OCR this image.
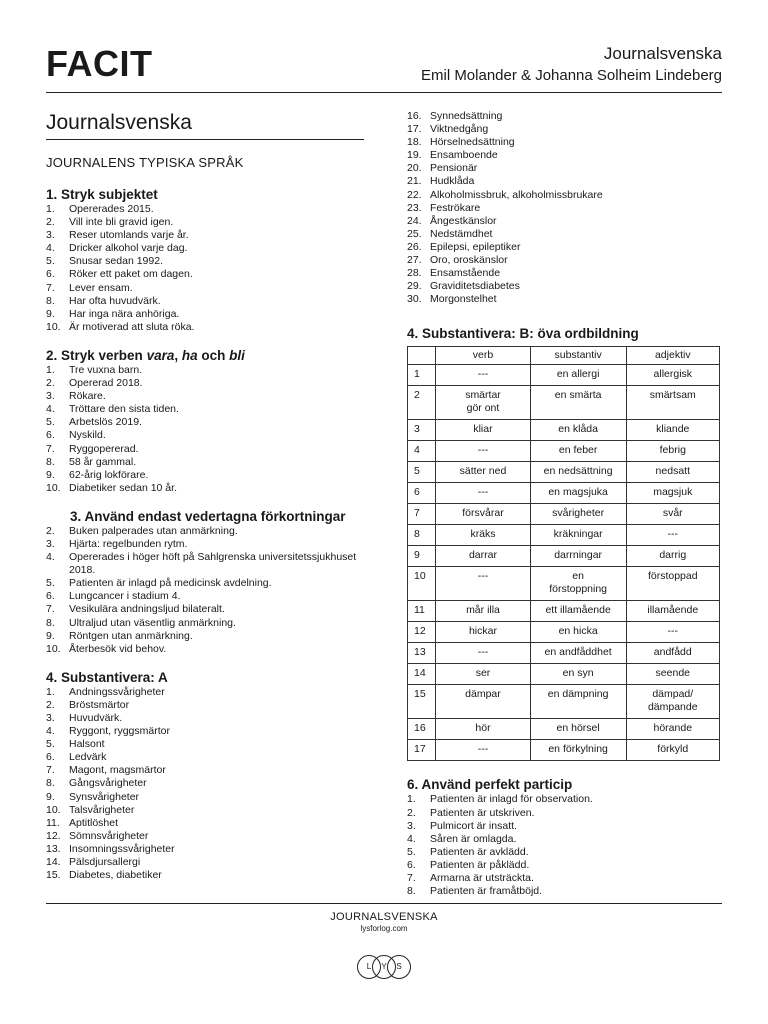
FACIT	Journalsvenska
Emil Molander & Johanna Solheim Lindeberg
Journalsvenska
JOURNALENS TYPISKA SPRÅK
1. Stryk subjektet
1.	Opererades 2015.
2.	Vill inte bli gravid igen.
3.	Reser utomlands varje år.
4.	Dricker alkohol varje dag.
5.	Snusar sedan 1992.
6.	Röker ett paket om dagen.
7.	Lever ensam.
8.	Har ofta huvudvärk.
9.	Har inga nära anhöriga.
10. Är motiverad att sluta röka.
2. Stryk verben vara, ha och bli
1.	Tre vuxna barn.
2.	Opererad 2018.
3.	Rökare.
4.	Tröttare den sista tiden.
5.	Arbetslös 2019.
6.	Nyskild.
7.	Ryggopererad.
8.	58 år gammal.
9.	62-årig lokförare.
10. Diabetiker sedan 10 år.
3. Använd endast vedertagna förkortningar
2.	Buken palperades utan anmärkning.
3.	Hjärta: regelbunden rytm.
4.	Opererades i höger höft på Sahlgrenska universitetssjukhuset 2018.
5.	Patienten är inlagd på medicinsk avdelning.
6.	Lungcancer i stadium 4.
7.	Vesikulära andningsljud bilateralt.
8.	Ultraljud utan väsentlig anmärkning.
9.	Röntgen utan anmärkning.
10. Återbesök vid behov.
4. Substantivera: A
1.	Andningssvårigheter
2.	Bröstsmärtor
3.	Huvudvärk.
4.	Ryggont, ryggsmärtor
5.	Halsont
6.	Ledvärk
7.	Magont, magsmärtor
8.	Gångsvårigheter
9.	Synsvårigheter
10. Talsvårigheter
11. Aptitlöshet
12. Sömnsvårigheter
13. Insomningssvårigheter
14. Pälsdjursallergi
15. Diabetes, diabetiker
16. Synnedsättning
17. Viktnedgång
18. Hörselnedsättning
19. Ensamboende
20. Pensionär
21. Hudklåda
22. Alkoholmissbruk, alkoholmissbrukare
23. Feströkare
24. Ångestkänslor
25. Nedstämdhet
26. Epilepsi, epileptiker
27. Oro, oroskänslor
28. Ensamstående
29. Graviditetsdiabetes
30. Morgonstelhet
4. Substantivera: B: öva ordbildning
	verb	substantiv	adjektiv
1	---	en allergi	allergisk
2	smärtar
gör ont	en smärta	smärtsam
3	kliar	en klåda	kliande
4	---	en feber	febrig
5	sätter ned	en nedsättning	nedsatt
6	---	en magsjuka	magsjuk
7	försvårar	svårigheter	svår
8	kräks	kräkningar	---
9	darrar	darrningar	darrig
10	---	en
förstoppning	förstoppad
11	mår illa	ett illamående	illamående
12	hickar	en hicka	---
13	---	en andfåddhet	andfådd
14	ser	en syn	seende
15	dämpar	en dämpning	dämpad/
dämpande
16	hör	en hörsel	hörande
17	---	en förkylning	förkyld
6. Använd perfekt particip
1.	Patienten är inlagd för observation.
2.	Patienten är utskriven.
3.	Pulmicort är insatt.
4.	Såren är omlagda.
5.	Patienten är avklädd.
6.	Patienten är påklädd.
7.	Armarna är utsträckta.
8.	Patienten är framåtböjd.
JOURNALSVENSKA
lysforlog.com
L	Y	S
